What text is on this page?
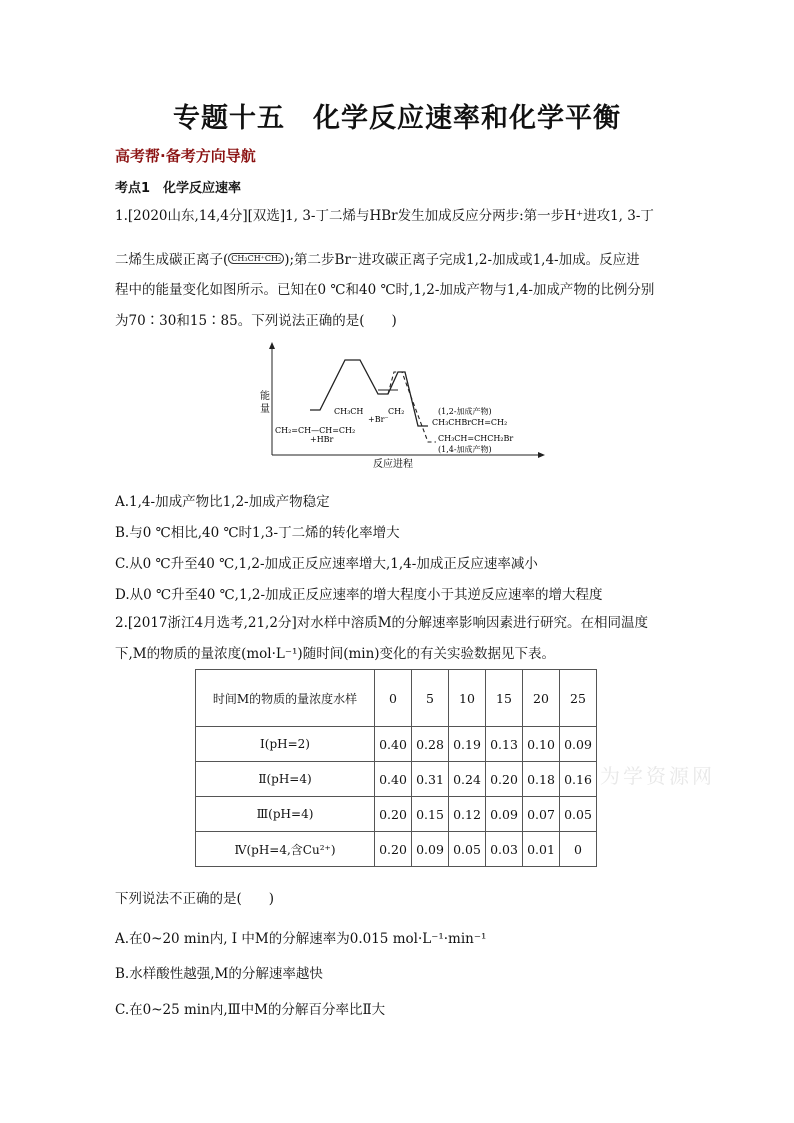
专题十五　化学反应速率和化学平衡
高考帮·备考方向导航
考点1　化学反应速率
1.[2020山东,14,4分][双选]1, 3-丁二烯与HBr发生加成反应分两步:第一步H⁺进攻1, 3-丁
二烯生成碳正离子( $^{CH_3CH^+CH_2}$ );第二步Br⁻进攻碳正离子完成1,2-加成或1,4-加成。反应进
程中的能量变化如图所示。已知在0 ℃和40 ℃时,1,2-加成产物与1,4-加成产物的比例分别
为70∶30和15∶85。下列说法正确的是(　　)
能
量
反应进程
CH₂=CH—CH=CH₂
+HBr
CH₃CH	CH₂
+Br⁻
(1,2-加成产物)
CH₃CHBrCH=CH₂
CH₃CH=CHCH₂Br
(1,4-加成产物)
A.1,4-加成产物比1,2-加成产物稳定
B.与0 ℃相比,40 ℃时1,3-丁二烯的转化率增大
C.从0 ℃升至40 ℃,1,2-加成正反应速率增大,1,4-加成正反应速率减小
D.从0 ℃升至40 ℃,1,2-加成正反应速率的增大程度小于其逆反应速率的增大程度
2.[2017浙江4月选考,21,2分]对水样中溶质M的分解速率影响因素进行研究。在相同温度
下,M的物质的量浓度(mol·L⁻¹)随时间(min)变化的有关实验数据见下表。
时间M的物质的量浓度水样	0	5	10	15	20	25
Ⅰ(pH=2)	0.40	0.28	0.19	0.13	0.10	0.09
Ⅱ(pH=4)	0.40	0.31	0.24	0.20	0.18	0.16
Ⅲ(pH=4)	0.20	0.15	0.12	0.09	0.07	0.05
Ⅳ(pH=4,含Cu²⁺)	0.20	0.09	0.05	0.03	0.01	0
为学资源网
下列说法不正确的是(　　)
A.在0~20 min内, Ⅰ 中M的分解速率为0.015 mol·L⁻¹·min⁻¹
B.水样酸性越强,M的分解速率越快
C.在0~25 min内,Ⅲ中M的分解百分率比Ⅱ大
